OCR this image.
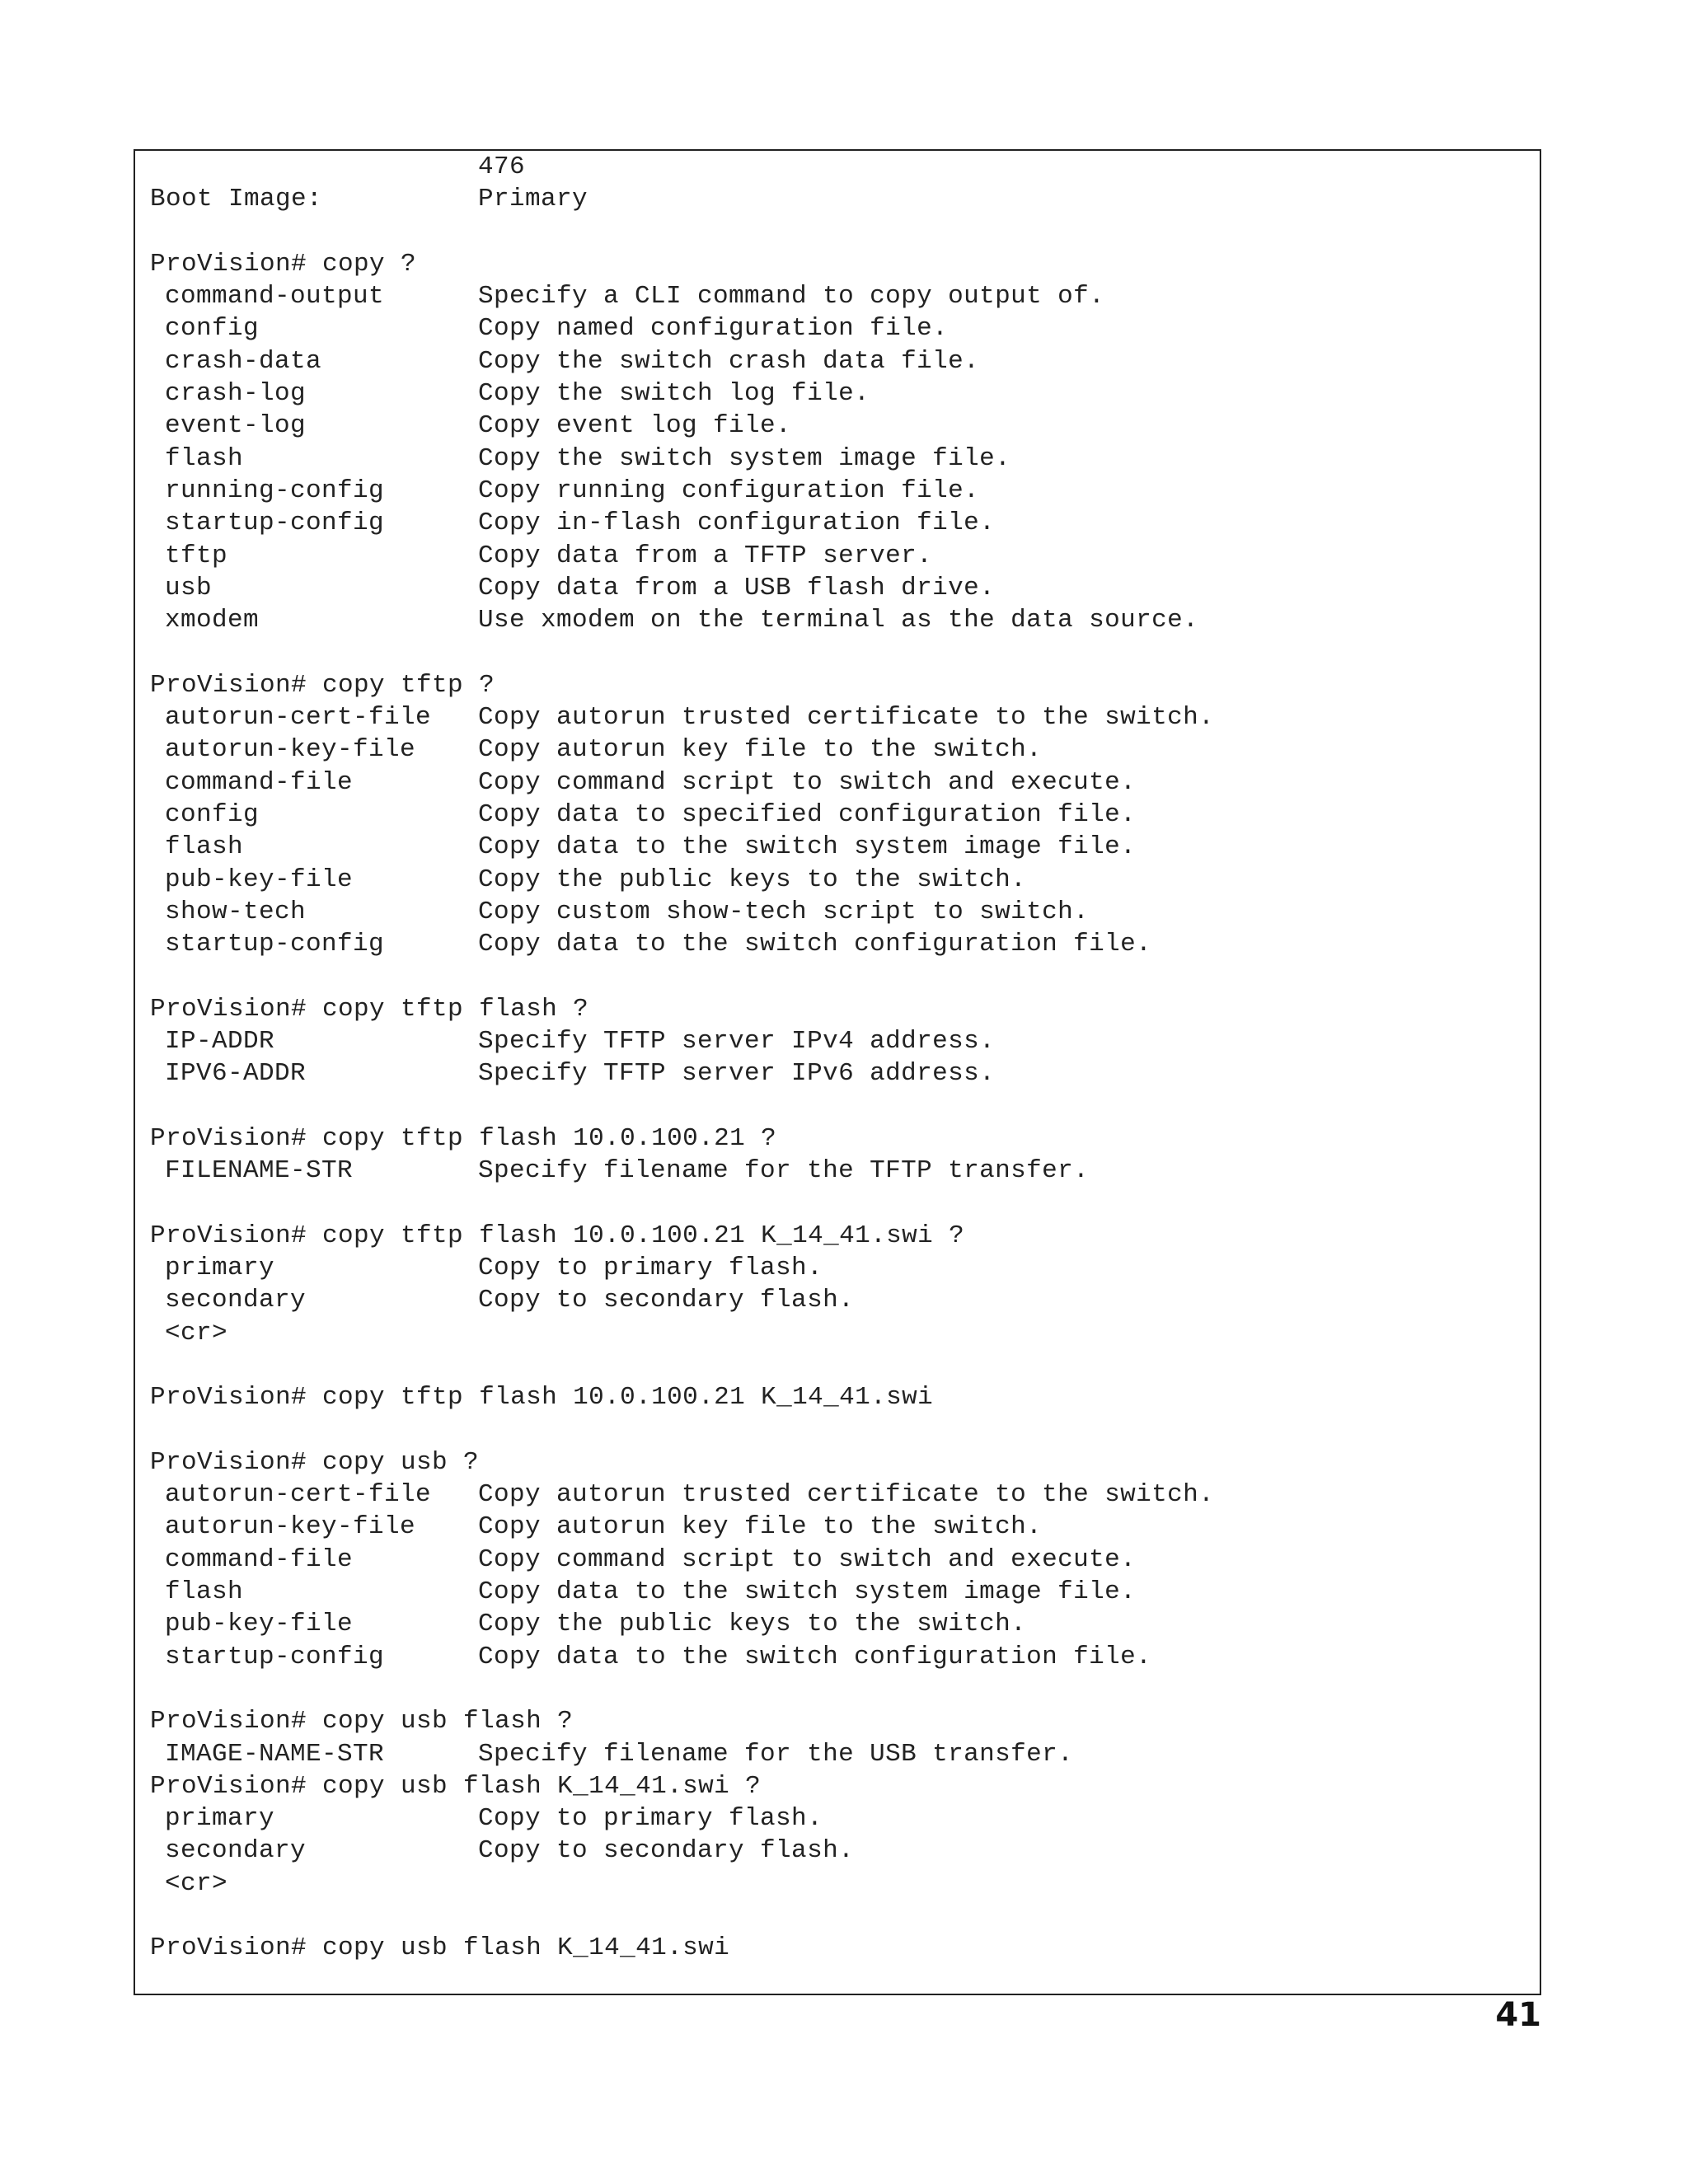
476
Boot Image:	Primary

ProVision# copy ?
command-output	Specify a CLI command to copy output of.
config	Copy named configuration file.
crash-data	Copy the switch crash data file.
crash-log	Copy the switch log file.
event-log	Copy event log file.
flash	Copy the switch system image file.
running-config	Copy running configuration file.
startup-config	Copy in-flash configuration file.
tftp	Copy data from a TFTP server.
usb	Copy data from a USB flash drive.
xmodem	Use xmodem on the terminal as the data source.

ProVision# copy tftp ?
autorun-cert-file Copy autorun trusted certificate to the switch.
autorun-key-file Copy autorun key file to the switch.
command-file	Copy command script to switch and execute.
config	Copy data to specified configuration file.
flash	Copy data to the switch system image file.
pub-key-file	Copy the public keys to the switch.
show-tech	Copy custom show-tech script to switch.
startup-config	Copy data to the switch configuration file.

ProVision# copy tftp flash ?
IP-ADDR	Specify TFTP server IPv4 address.
IPV6-ADDR	Specify TFTP server IPv6 address.

ProVision# copy tftp flash 10.0.100.21 ?
FILENAME-STR	Specify filename for the TFTP transfer.

ProVision# copy tftp flash 10.0.100.21 K_14_41.swi ?
primary	Copy to primary flash.
secondary	Copy to secondary flash.
<cr>

ProVision# copy tftp flash 10.0.100.21 K_14_41.swi

ProVision# copy usb ?
autorun-cert-file Copy autorun trusted certificate to the switch.
autorun-key-file Copy autorun key file to the switch.
command-file	Copy command script to switch and execute.
flash	Copy data to the switch system image file.
pub-key-file	Copy the public keys to the switch.
startup-config	Copy data to the switch configuration file.

ProVision# copy usb flash ?
IMAGE-NAME-STR	Specify filename for the USB transfer.
ProVision# copy usb flash K_14_41.swi ?
primary	Copy to primary flash.
secondary	Copy to secondary flash.
<cr>

ProVision# copy usb flash K_14_41.swi
41
